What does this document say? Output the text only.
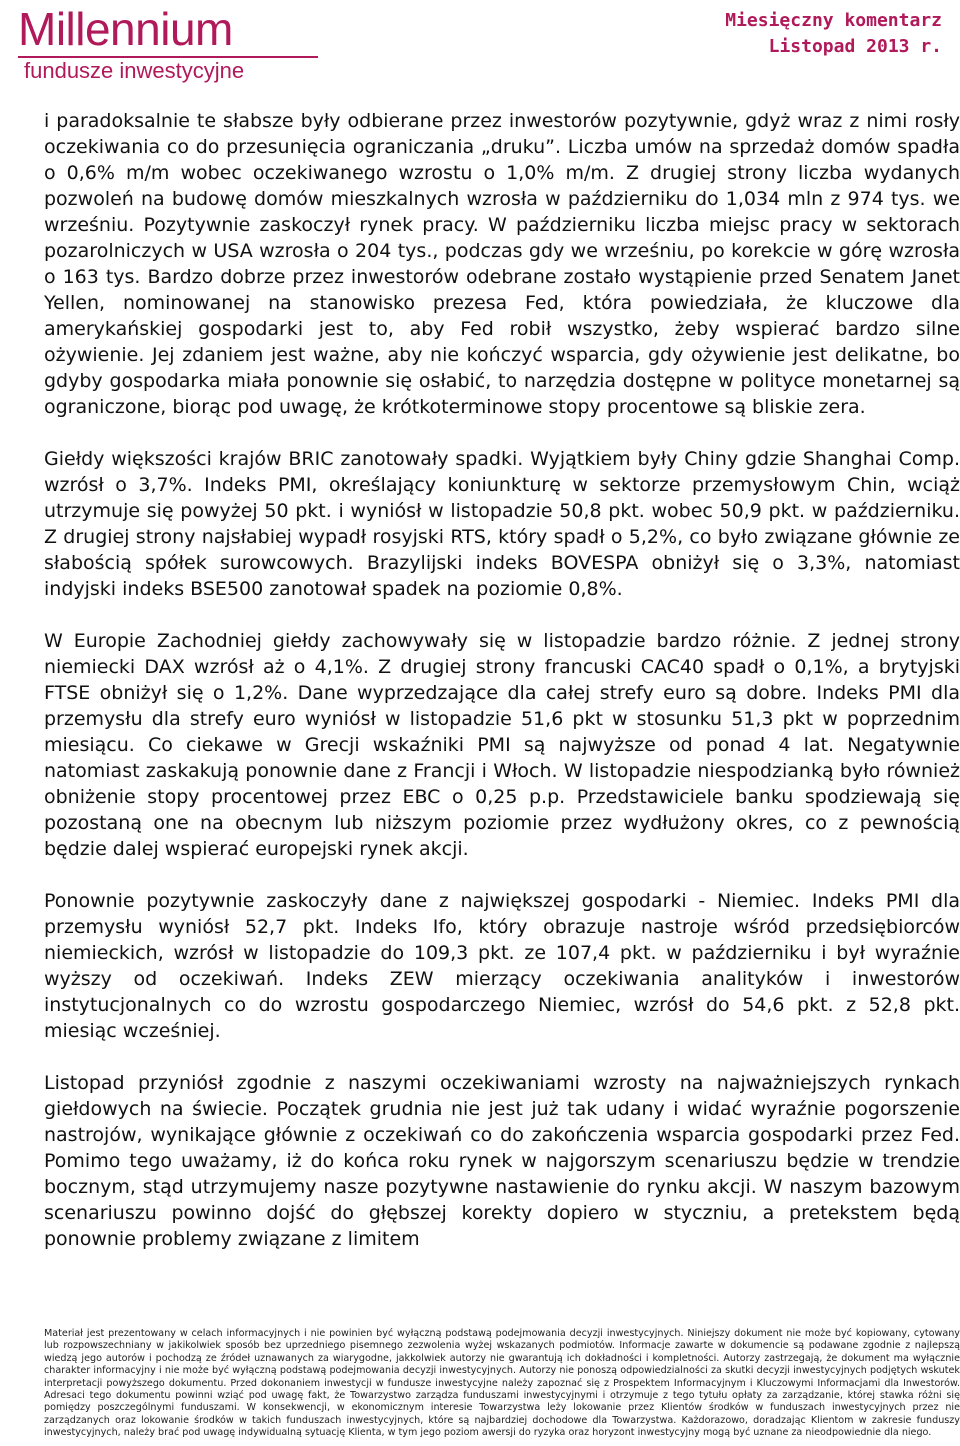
Millennium
fundusze inwestycyjne
Miesięczny komentarz
Listopad 2013 r.

i paradoksalnie te słabsze były odbierane przez inwestorów pozytywnie, gdyż wraz z nimi rosły oczekiwania co do przesunięcia ograniczania „druku”. Liczba umów na sprzedaż domów spadła o 0,6% m/m wobec oczekiwanego wzrostu o 1,0% m/m. Z drugiej strony liczba wydanych pozwoleń na budowę domów mieszkalnych wzrosła w październiku do 1,034 mln z 974 tys. we wrześniu. Pozytywnie zaskoczył rynek pracy. W październiku liczba miejsc pracy w sektorach pozarolniczych w USA wzrosła o 204 tys., podczas gdy we wrześniu, po korekcie w górę wzrosła o 163 tys. Bardzo dobrze przez inwestorów odebrane zostało wystąpienie przed Senatem Janet Yellen, nominowanej na stanowisko prezesa Fed, która powiedziała, że kluczowe dla amerykańskiej gospodarki jest to, aby Fed robił wszystko, żeby wspierać bardzo silne ożywienie. Jej zdaniem jest ważne, aby nie kończyć wsparcia, gdy ożywienie jest delikatne, bo gdyby gospodarka miała ponownie się osłabić, to narzędzia dostępne w polityce monetarnej są ograniczone, biorąc pod uwagę, że krótkoterminowe stopy procentowe są bliskie zera.

Giełdy większości krajów BRIC zanotowały spadki. Wyjątkiem były Chiny gdzie Shanghai Comp. wzrósł o 3,7%. Indeks PMI, określający koniunkturę w sektorze przemysłowym Chin, wciąż utrzymuje się powyżej 50 pkt. i wyniósł w listopadzie 50,8 pkt. wobec 50,9 pkt. w październiku. Z drugiej strony najsłabiej wypadł rosyjski RTS, który spadł o 5,2%, co było związane głównie ze słabością spółek surowcowych. Brazylijski indeks BOVESPA obniżył się o 3,3%, natomiast indyjski indeks BSE500 zanotował spadek na poziomie 0,8%.

W Europie Zachodniej giełdy zachowywały się w listopadzie bardzo różnie. Z jednej strony niemiecki DAX wzrósł aż o 4,1%. Z drugiej strony francuski CAC40 spadł o 0,1%, a brytyjski FTSE obniżył się o 1,2%. Dane wyprzedzające dla całej strefy euro są dobre. Indeks PMI dla przemysłu dla strefy euro wyniósł w listopadzie 51,6 pkt w stosunku 51,3 pkt w poprzednim miesiącu. Co ciekawe w Grecji wskaźniki PMI są najwyższe od ponad 4 lat. Negatywnie natomiast zaskakują ponownie dane z Francji i Włoch. W listopadzie niespodzianką było również obniżenie stopy procentowej przez EBC o 0,25 p.p. Przedstawiciele banku spodziewają się pozostaną one na obecnym lub niższym poziomie przez wydłużony okres, co z pewnością będzie dalej wspierać europejski rynek akcji.

Ponownie pozytywnie zaskoczyły dane z największej gospodarki - Niemiec. Indeks PMI dla przemysłu wyniósł 52,7 pkt. Indeks Ifo, który obrazuje nastroje wśród przedsiębiorców niemieckich, wzrósł w listopadzie do 109,3 pkt. ze 107,4 pkt. w październiku i był wyraźnie wyższy od oczekiwań. Indeks ZEW mierzący oczekiwania analityków i inwestorów instytucjonalnych co do wzrostu gospodarczego Niemiec, wzrósł do 54,6 pkt. z 52,8 pkt. miesiąc wcześniej.

Listopad przyniósł zgodnie z naszymi oczekiwaniami wzrosty na najważniejszych rynkach giełdowych na świecie. Początek grudnia nie jest już tak udany i widać wyraźnie pogorszenie nastrojów, wynikające głównie z oczekiwań co do zakończenia wsparcia gospodarki przez Fed. Pomimo tego uważamy, iż do końca roku rynek w najgorszym scenariuszu będzie w trendzie bocznym, stąd utrzymujemy nasze pozytywne nastawienie do rynku akcji. W naszym bazowym scenariuszu powinno dojść do głębszej korekty dopiero w styczniu, a pretekstem będą ponownie problemy związane z limitem

Materiał jest prezentowany w celach informacyjnych i nie powinien być wyłączną podstawą podejmowania decyzji inwestycyjnych. Niniejszy dokument nie może być kopiowany, cytowany lub rozpowszechniany w jakikolwiek sposób bez uprzedniego pisemnego zezwolenia wyżej wskazanych podmiotów. Informacje zawarte w dokumencie są podawane zgodnie z najlepszą wiedzą jego autorów i pochodzą ze źródeł uznawanych za wiarygodne, jakkolwiek autorzy nie gwarantują ich dokładności i kompletności. Autorzy zastrzegają, że dokument ma wyłącznie charakter informacyjny i nie może być wyłączną podstawą podejmowania decyzji inwestycyjnych. Autorzy nie ponoszą odpowiedzialności za skutki decyzji inwestycyjnych podjętych wskutek interpretacji powyższego dokumentu. Przed dokonaniem inwestycji w fundusze inwestycyjne należy zapoznać się z Prospektem Informacyjnym i Kluczowymi Informacjami dla Inwestorów. Adresaci tego dokumentu powinni wziąć pod uwagę fakt, że Towarzystwo zarządza funduszami inwestycyjnymi i otrzymuje z tego tytułu opłaty za zarządzanie, której stawka różni się pomiędzy poszczególnymi funduszami. W konsekwencji, w ekonomicznym interesie Towarzystwa leży lokowanie przez Klientów środków w funduszach inwestycyjnych przez nie zarządzanych oraz lokowanie środków w takich funduszach inwestycyjnych, które są najbardziej dochodowe dla Towarzystwa. Każdorazowo, doradzając Klientom w zakresie funduszy inwestycyjnych, należy brać pod uwagę indywidualną sytuację Klienta, w tym jego poziom awersji do ryzyka oraz horyzont inwestycyjny mogą być uznane za nieodpowiednie dla niego.
